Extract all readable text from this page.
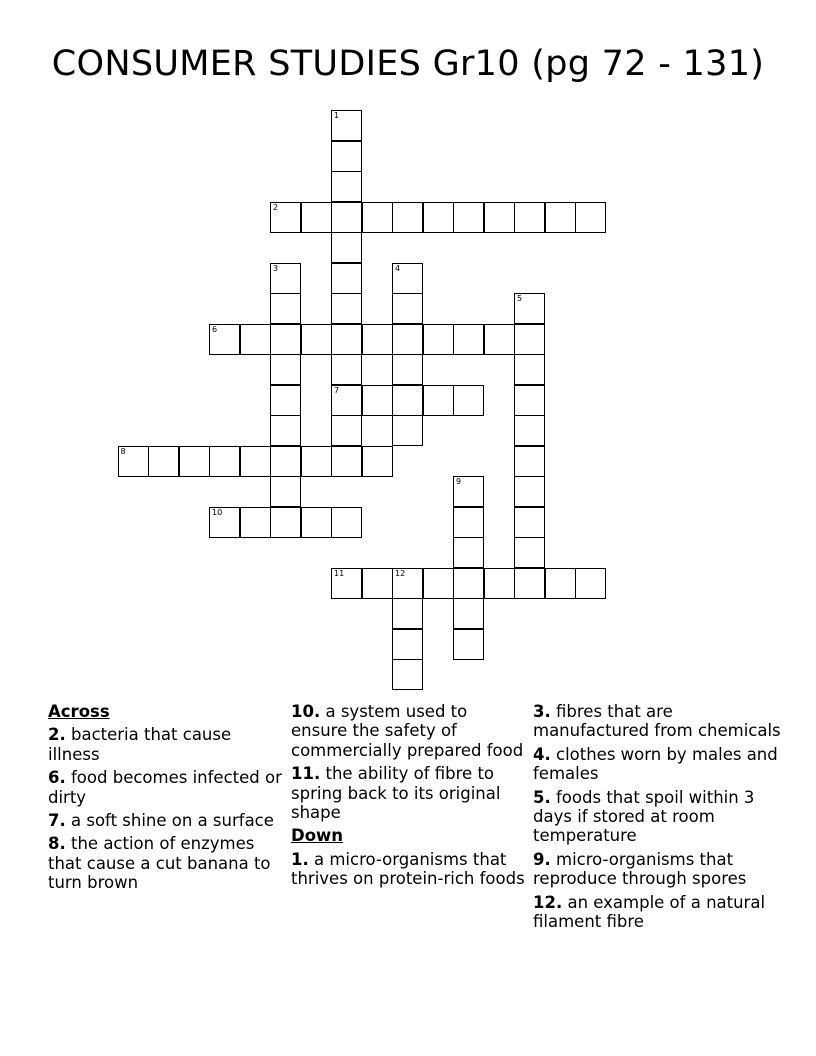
CONSUMER STUDIES Gr10 (pg 72 - 131)
1
7
2
3	4
5
6
8
9
10
11	12
Across
2. bacteria that cause illness
6. food becomes infected or dirty
7. a soft shine on a surface
8. the action of enzymes that cause a cut banana to turn brown
10. a system used to ensure the safety of commercially prepared food
11. the ability of fibre to spring back to its original shape
Down
1. a micro-organisms that thrives on protein-rich foods
3. fibres that are manufactured from chemicals
4. clothes worn by males and females
5. foods that spoil within 3 days if stored at room temperature
9. micro-organisms that reproduce through spores
12. an example of a natural filament fibre
